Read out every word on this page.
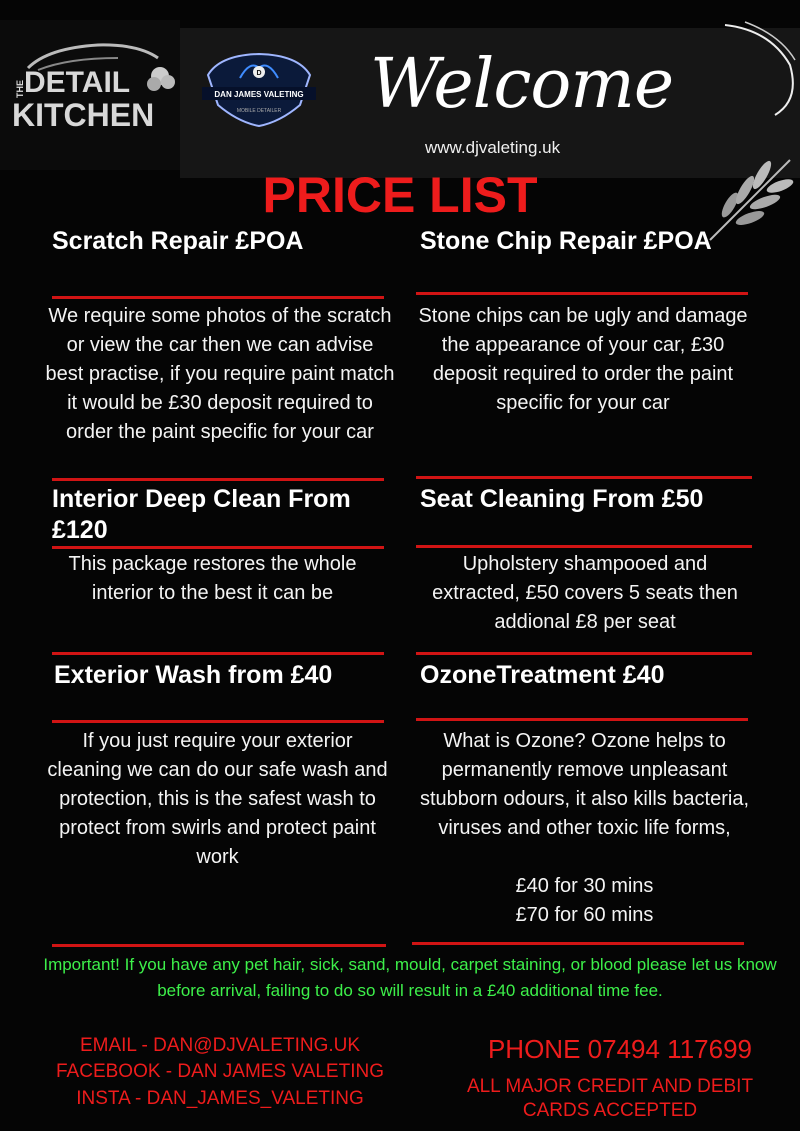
THE DETAIL
KITCHEN
D
DAN JAMES VALETING
MOBILE DETAILER Welcome
www.djvaleting.uk
PRICE LIST
Scratch Repair £POA
We require some photos of the scratch or view the car then we can advise best practise, if you require paint match it would be £30 deposit required to order the paint specific for your car
Stone Chip Repair £POA
Stone chips can be ugly and damage the appearance of your car, £30 deposit required to order the paint specific for your car
Interior Deep Clean From £120
This package restores the whole interior to the best it can be
Seat Cleaning From £50
Upholstery shampooed and extracted, £50 covers 5 seats then addional £8 per seat
Exterior Wash from £40
If you just require your exterior cleaning we can do our safe wash and protection, this is the safest wash to protect from swirls and protect paint work
OzoneTreatment £40
What is Ozone? Ozone helps to permanently remove unpleasant stubborn odours, it also kills bacteria, viruses and other toxic life forms,
£40 for 30 mins
£70 for 60 mins
Important! If you have any pet hair, sick, sand, mould, carpet staining, or blood please let us know before arrival, failing to do so will result in a £40 additional time fee.
EMAIL - DAN@DJVALETING.UK
FACEBOOK - DAN JAMES VALETING
INSTA - DAN_JAMES_VALETING
PHONE 07494 117699
ALL MAJOR CREDIT AND DEBIT CARDS ACCEPTED
